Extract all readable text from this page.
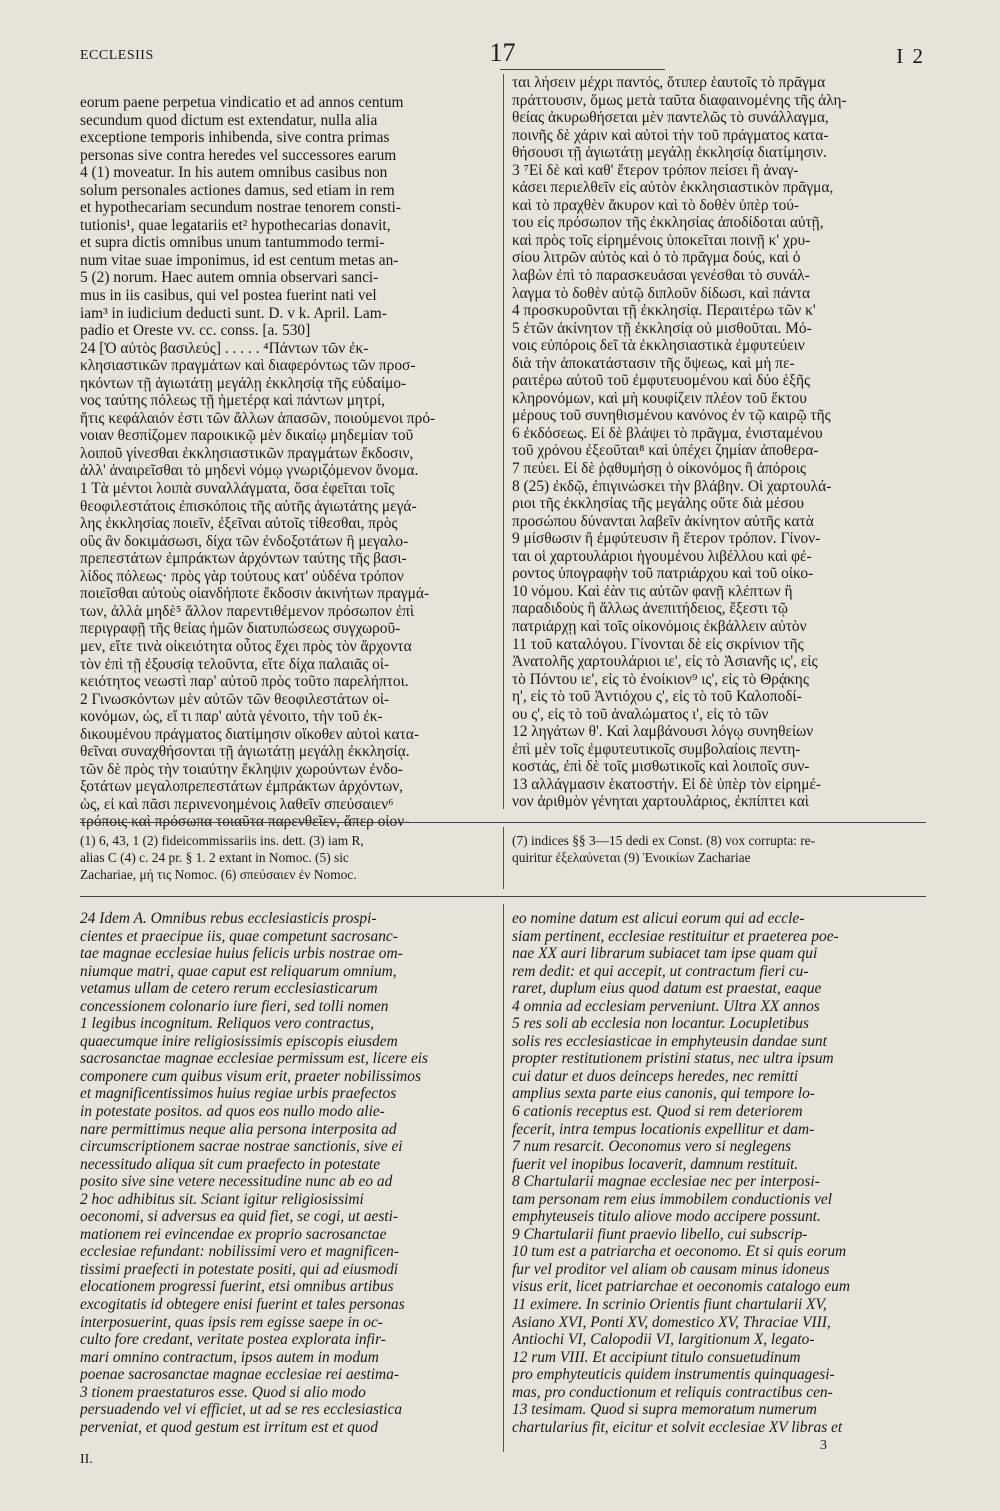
ECCLESIIS	17	I 2
eorum paene perpetua vindicatio et ad annos centum
secundum quod dictum est extendatur, nulla alia
exceptione temporis inhibenda, sive contra primas
personas sive contra heredes vel successores earum
4 (1) moveatur. In his autem omnibus casibus non
solum personales actiones damus, sed etiam in rem
et hypothecariam secundum nostrae tenorem consti-
tutionis¹, quae legatariis et² hypothecarias donavit,
et supra dictis omnibus unum tantummodo termi-
num vitae suae imponimus, id est centum metas an-
5 (2) norum. Haec autem omnia observari sanci-
mus in iis casibus, qui vel postea fuerint nati vel
iam³ in iudicium deducti sunt. D. v k. April. Lam-
padio et Oreste vv. cc. conss. [a. 530]
24 [Ὁ αὐτὸς βασιλεύς] . . . . . ⁴Πάντων τῶν ἐκ-
κλησιαστικῶν πραγμάτων καὶ διαφερόντως τῶν προσ-
ηκόντων τῇ ἁγιωτάτῃ μεγάλῃ ἐκκλησίᾳ τῆς εὐδαίμο-
νος ταύτης πόλεως τῇ ἡμετέρᾳ καὶ πάντων μητρί,
ἥτις κεφάλαιόν ἐστι τῶν ἄλλων ἁπασῶν, ποιούμενοι πρό-
νοιαν θεσπίζομεν παροικικῷ μὲν δικαίῳ μηδεμίαν τοῦ
λοιποῦ γίνεσθαι ἐκκλησιαστικῶν πραγμάτων ἔκδοσιν,
ἀλλ' ἀναιρεῖσθαι τὸ μηδενὶ νόμῳ γνωριζόμενον ὄνομα.
1 Τὰ μέντοι λοιπὰ συναλλάγματα, ὅσα ἐφεῖται τοῖς
θεοφιλεστάτοις ἐπισκόποις τῆς αὐτῆς ἁγιωτάτης μεγά-
λης ἐκκλησίας ποιεῖν, ἐξεῖναι αὐτοῖς τίθεσθαι, πρὸς
οὓς ἂν δοκιμάσωσι, δίχα τῶν ἐνδοξοτάτων ἢ μεγαλο-
πρεπεστάτων ἐμπράκτων ἀρχόντων ταύτης τῆς βασι-
λίδος πόλεως· πρὸς γὰρ τούτους κατ' οὐδένα τρόπον
ποιεῖσθαι αὐτοὺς οἱανδήποτε ἔκδοσιν ἀκινήτων πραγμά-
των, ἀλλὰ μηδὲ⁵ ἄλλον παρεντιθέμενον πρόσωπον ἐπὶ
περιγραφῇ τῆς θείας ἡμῶν διατυπώσεως συγχωροῦ-
μεν, εἴτε τινὰ οἰκειότητα οὗτος ἔχει πρὸς τὸν ἄρχοντα
τὸν ἐπὶ τῇ ἐξουσίᾳ τελοῦντα, εἴτε δίχα παλαιᾶς οἰ-
κειότητος νεωστὶ παρ' αὐτοῦ πρὸς τοῦτο παρελήπτοι.
2 Γινωσκόντων μὲν αὐτῶν τῶν θεοφιλεστάτων οἰ-
κονόμων, ὡς, εἴ τι παρ' αὐτὰ γένοιτο, τὴν τοῦ ἐκ-
δικουμένου πράγματος διατίμησιν οἴκοθεν αὐτοὶ κατα-
θεῖναι συναχθήσονται τῇ ἁγιωτάτῃ μεγάλῃ ἐκκλησίᾳ.
τῶν δὲ πρὸς τὴν τοιαύτην ἔκληψιν χωρούντων ἐνδο-
ξοτάτων μεγαλοπρεπεστάτων ἐμπράκτων ἀρχόντων,
ὡς, εἰ καὶ πᾶσι περινενοημένοις λαθεῖν σπεύσαιεν⁶
τρόποις καὶ πρόσωπα τοιαῦτα παρενθεῖεν, ἅπερ οἰον-
ται λήσειν μέχρι παντός, ὅτιπερ ἑαυτοῖς τὸ πρᾶγμα
πράττουσιν, ὅμως μετὰ ταῦτα διαφαινομένης τῆς ἀλη-
θείας ἀκυρωθήσεται μὲν παντελῶς τὸ συνάλλαγμα,
ποινῆς δὲ χάριν καὶ αὐτοὶ τὴν τοῦ πράγματος κατα-
θήσουσι τῇ ἁγιωτάτῃ μεγάλῃ ἐκκλησίᾳ διατίμησιν.
3 ⁷Εἰ δὲ καὶ καθ' ἕτερον τρόπον πείσει ἢ ἀναγ-
κάσει περιελθεῖν εἰς αὐτὸν ἐκκλησιαστικὸν πρᾶγμα,
καὶ τὸ πραχθὲν ἄκυρον καὶ τὸ δοθὲν ὑπὲρ τού-
του εἰς πρόσωπον τῆς ἐκκλησίας ἀποδίδοται αὐτῇ,
καὶ πρὸς τοῖς εἰρημένοις ὑποκεῖται ποινῇ κ' χρυ-
σίου λιτρῶν αὐτὸς καὶ ὁ τὸ πρᾶγμα δούς, καὶ ὁ
λαβὼν ἐπὶ τὸ παρασκευάσαι γενέσθαι τὸ συνάλ-
λαγμα τὸ δοθὲν αὐτῷ διπλοῦν δίδωσι, καὶ πάντα
4 προσκυροῦνται τῇ ἐκκλησίᾳ. Περαιτέρω τῶν κ'
5 ἐτῶν ἀκίνητον τῇ ἐκκλησίᾳ οὐ μισθοῦται. Μό-
νοις εὐπόροις δεῖ τὰ ἐκκλησιαστικὰ ἐμφυτεύειν
διὰ τὴν ἀποκατάστασιν τῆς ὄψεως, καὶ μὴ πε-
ραιτέρω αὐτοῦ τοῦ ἐμφυτευομένου καὶ δύο ἑξῆς
κληρονόμων, καὶ μὴ κουφίζειν πλέον τοῦ ἕκτου
μέρους τοῦ συνηθισμένου κανόνος ἐν τῷ καιρῷ τῆς
6 ἐκδόσεως. Εἰ δὲ βλάψει τὸ πρᾶγμα, ἐνισταμένου
τοῦ χρόνου ἐξεοῦται⁸ καὶ ὑπέχει ζημίαν ἀποθερα-
7 πεύει. Εἰ δὲ ῥᾳθυμήσῃ ὁ οἰκονόμος ἢ ἀπόροις
8 (25) ἐκδῷ, ἐπιγινώσκει τὴν βλάβην. Οἱ χαρτουλά-
ριοι τῆς ἐκκλησίας τῆς μεγάλης οὔτε διὰ μέσου
προσώπου δύνανται λαβεῖν ἀκίνητον αὐτῆς κατὰ
9 μίσθωσιν ἢ ἐμφύτευσιν ἢ ἕτερον τρόπον. Γίνον-
ται οἱ χαρτουλάριοι ἡγουμένου λιβέλλου καὶ φέ-
ροντος ὑπογραφὴν τοῦ πατριάρχου καὶ τοῦ οἰκο-
10 νόμου. Καὶ ἐὰν τις αὐτῶν φανῇ κλέπτων ἢ
παραδιδοὺς ἢ ἄλλως ἀνεπιτήδειος, ἔξεστι τῷ
πατριάρχῃ καὶ τοῖς οἰκονόμοις ἐκβάλλειν αὐτὸν
11 τοῦ καταλόγου. Γίνονται δὲ εἰς σκρίνιον τῆς
Ἀνατολῆς χαρτουλάριοι ιε', εἰς τὸ Ἀσιανῆς ις', εἰς
τὸ Πόντου ιε', εἰς τὸ ἐνοίκιον⁹ ις', εἰς τὸ Θρᾴκης
η', εἰς τὸ τοῦ Ἀντιόχου ς', εἰς τὸ τοῦ Καλοποδί-
ου ς', εἰς τὸ τοῦ ἀναλώματος ι', εἰς τὸ τῶν
12 ληγάτων θ'. Καὶ λαμβάνουσι λόγῳ συνηθείων
ἐπὶ μὲν τοῖς ἐμφυτευτικοῖς συμβολαίοις πεντη-
κοστάς, ἐπὶ δὲ τοῖς μισθωτικοῖς καὶ λοιποῖς συν-
13 αλλάγμασιν ἑκατοστήν. Εἰ δὲ ὑπὲρ τὸν εἰρημέ-
νον ἀριθμὸν γένηται χαρτουλάριος, ἐκπίπτει καὶ
(1) 6, 43, 1 (2) fideicommissariis ins. dett. (3) iam R,
alias C (4) c. 24 pr. § 1. 2 extant in Nomoc. (5) sic
Zachariae, μή τις Nomoc. (6) σπεύσαιεν ἐν Nomoc.
(7) indices §§ 3—15 dedi ex Const. (8) vox corrupta: re-
quiritur ἐξελαύνεται (9) Ἐνοικίων Zachariae
24 Idem A. Omnibus rebus ecclesiasticis prospi-
cientes et praecipue iis, quae competunt sacrosanc-
tae magnae ecclesiae huius felicis urbis nostrae om-
niumque matri, quae caput est reliquarum omnium,
vetamus ullam de cetero rerum ecclesiasticarum
concessionem colonario iure fieri, sed tolli nomen
1 legibus incognitum. Reliquos vero contractus,
quaecumque inire religiosissimis episcopis eiusdem
sacrosanctae magnae ecclesiae permissum est, licere eis
componere cum quibus visum erit, praeter nobilissimos
et magnificentissimos huius regiae urbis praefectos
in potestate positos. ad quos eos nullo modo aliе-
nare permittimus neque alia persona interposita ad
circumscriptionem sacrae nostrae sanctionis, sive ei
necessitudo aliqua sit cum praefecto in potestate
posito sive sine vetere necessitudine nunc ab eo ad
2 hoc adhibitus sit. Sciant igitur religiosissimi
oeconomi, si adversus ea quid fiet, se cogi, ut aesti-
mationem rei evincendae ex proprio sacrosanctae
ecclesiae refundant: nobilissimi vero et magnificen-
tissimi praefecti in potestate positi, qui ad eiusmodi
elocationem progressi fuerint, etsi omnibus artibus
excogitatis id obtegere enisi fuerint et tales personas
interposuerint, quas ipsis rem egisse saepe in oc-
culto fore credant, veritate postea explorata infir-
mari omnino contractum, ipsos autem in modum
poenae sacrosanctae magnae ecclesiae rei aestima-
3 tionem praestaturos esse. Quod si alio modo
persuadendo vel vi efficiet, ut ad se res ecclesiastica
perveniat, et quod gestum est irritum est et quod
eo nomine datum est alicui eorum qui ad eccle-
siam pertinent, ecclesiae restituitur et praeterea poe-
nae XX auri librarum subiacet tam ipse quam qui
rem dedit: et qui accepit, ut contractum fieri cu-
raret, duplum eius quod datum est praestat, eaque
4 omnia ad ecclesiam perveniunt. Ultra XX annos
5 res soli ab ecclesia non locantur. Locupletibus
solis res ecclesiasticae in emphyteusin dandae sunt
propter restitutionem pristini status, nec ultra ipsum
cui datur et duos deinceps heredes, nec remitti
amplius sexta parte eius canonis, qui tempore lo-
6 cationis receptus est. Quod si rem deteriorem
fecerit, intra tempus locationis expellitur et dam-
7 num resarcit. Oeconomus vero si neglegens
fuerit vel inopibus locaverit, damnum restituit.
8 Chartularii magnae ecclesiae nec per interposi-
tam personam rem eius immobilem conductionis vel
emphyteuseis titulo aliove modo accipere possunt.
9 Chartularii fiunt praevio libello, cui subscrip-
10 tum est a patriarcha et oeconomo. Et si quis eorum
fur vel proditor vel aliam ob causam minus idoneus
visus erit, licet patriarchae et oeconomis catalogo eum
11 eximere. In scrinio Orientis fiunt chartularii XV,
Asiano XVI, Ponti XV, domestico XV, Thraciae VIII,
Antiochi VI, Calopodii VI, largitionum X, legato-
12 rum VIII. Et accipiunt titulo consuetudinum
pro emphyteuticis quidem instrumentis quinquagesi-
mas, pro conductionum et reliquis contractibus cen-
13 tesimam. Quod si supra memoratum numerum
chartularius fit, eicitur et solvit ecclesiae XV libras et
II.
3
